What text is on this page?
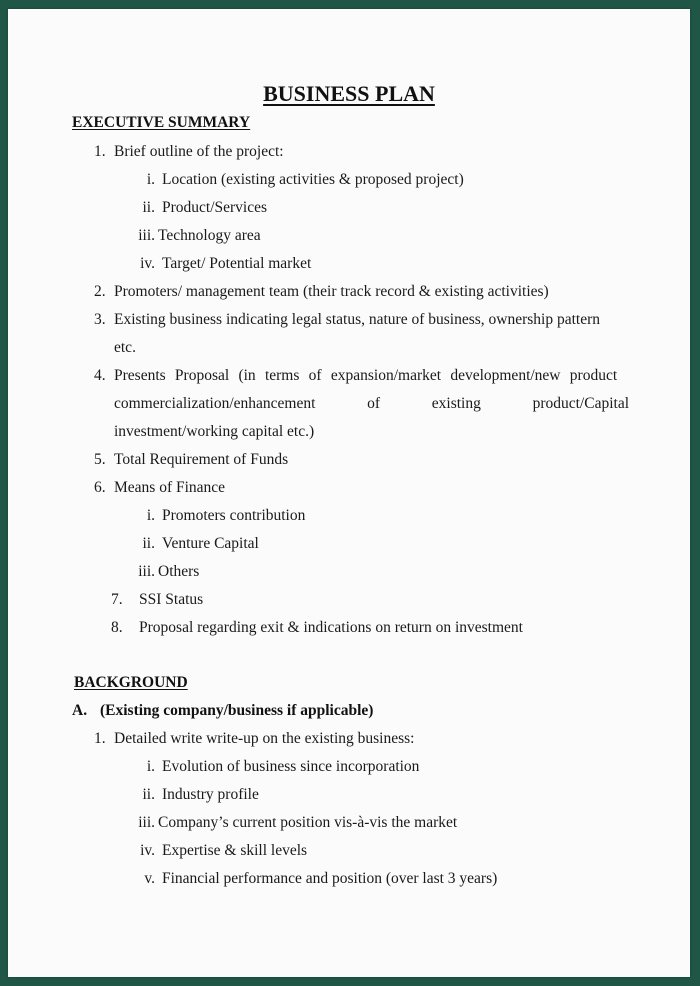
BUSINESS PLAN
EXECUTIVE SUMMARY
1. Brief outline of the project:
i. Location (existing activities & proposed project)
ii. Product/Services
iii. Technology area
iv. Target/ Potential market
2. Promoters/ management team (their track record & existing activities)
3. Existing business indicating legal status, nature of business, ownership pattern
etc.
4. Presents Proposal (in terms of expansion/market development/new product
commercialization/enhancement	of	existing	product/Capital
investment/working capital etc.)
5. Total Requirement of Funds
6. Means of Finance
i. Promoters contribution
ii. Venture Capital
iii. Others
7. SSI Status
8. Proposal regarding exit & indications on return on investment
BACKGROUND
A. (Existing company/business if applicable)
1. Detailed write write-up on the existing business:
i. Evolution of business since incorporation
ii. Industry profile
iii. Company’s current position vis-à-vis the market
iv. Expertise & skill levels
v. Financial performance and position (over last 3 years)
